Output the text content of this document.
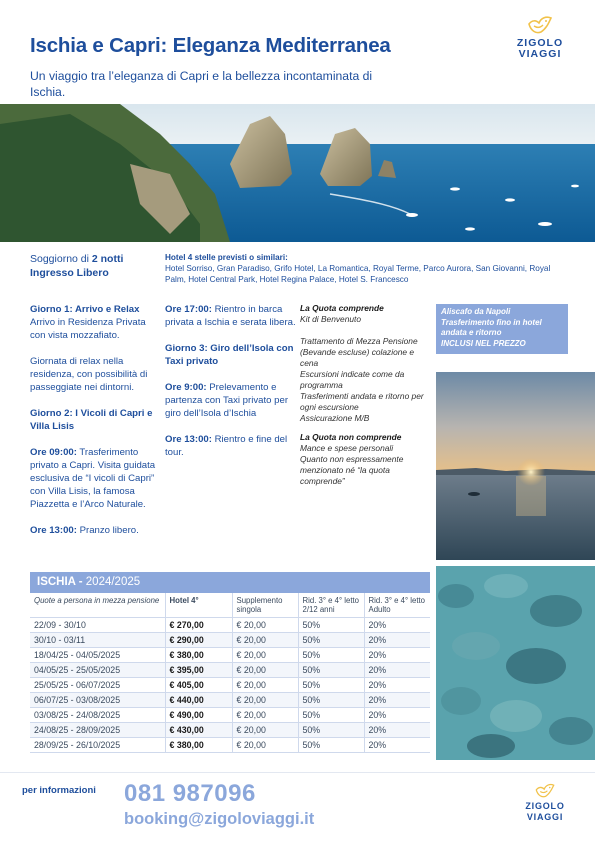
Ischia e Capri: Eleganza Mediterranea
Un viaggio tra l’eleganza di Capri e la bellezza incontaminata di Ischia.
ZIGOLO
VIAGGI
Soggiorno di 2 notti
Ingresso Libero
Hotel 4 stelle previsti o similari:
Hotel Sorriso, Gran Paradiso, Grifo Hotel, La Romantica, Royal Terme, Parco Aurora, San Giovanni, Royal Palm, Hotel Central Park, Hotel Regina Palace, Hotel S. Francesco

Giorno 1: Arrivo e Relax
Arrivo in Residenza Privata con vista mozzafiato.

Giornata di relax nella residenza, con possibilità di passeggiate nei dintorni.

Giorno 2: I Vicoli di Capri e Villa Lisis

Ore 09:00: Trasferimento privato a Capri. Visita guidata esclusiva de “I vicoli di Capri” con Villa Lisis, la famosa Piazzetta e l’Arco Naturale.

Ore 13:00: Pranzo libero.

Ore 17:00: Rientro in barca privata a Ischia e serata libera.

Giorno 3: Giro dell’Isola con Taxi privato

Ore 9:00: Prelevamento e partenza con Taxi privato per giro dell’Isola d’Ischia

Ore 13:00: Rientro e fine del tour.

La Quota comprende
Kit di Benvenuto
Trattamento di Mezza Pensione (Bevande escluse) colazione e cena
Escursioni indicate come da programma
Trasferimenti andata e ritorno per ogni escursione
Assicurazione M/B
La Quota non comprende
Mance e spese personali
Quanto non espressamente menzionato né “la quota comprende”
Aliscafo da Napoli
Trasferimento fino in hotel andata e ritorno
INCLUSI NEL PREZZO
ISCHIA - 2024/2025
Quote a persona in mezza pensione	Hotel 4°	Supplemento singola	Rid. 3° e 4° letto 2/12 anni	Rid. 3° e 4° letto Adulto
22/09 - 30/10	€ 270,00	€ 20,00	50%	20%
30/10 - 03/11	€ 290,00	€ 20,00	50%	20%
18/04/25 - 04/05/2025	€ 380,00	€ 20,00	50%	20%
04/05/25 - 25/05/2025	€ 395,00	€ 20,00	50%	20%
25/05/25 - 06/07/2025	€ 405,00	€ 20,00	50%	20%
06/07/25 - 03/08/2025	€ 440,00	€ 20,00	50%	20%
03/08/25 - 24/08/2025	€ 490,00	€ 20,00	50%	20%
24/08/25 - 28/09/2025	€ 430,00	€ 20,00	50%	20%
28/09/25 - 26/10/2025	€ 380,00	€ 20,00	50%	20%
per informazioni 081 987096
booking@zigoloviaggi.it
ZIGOLO
VIAGGI
